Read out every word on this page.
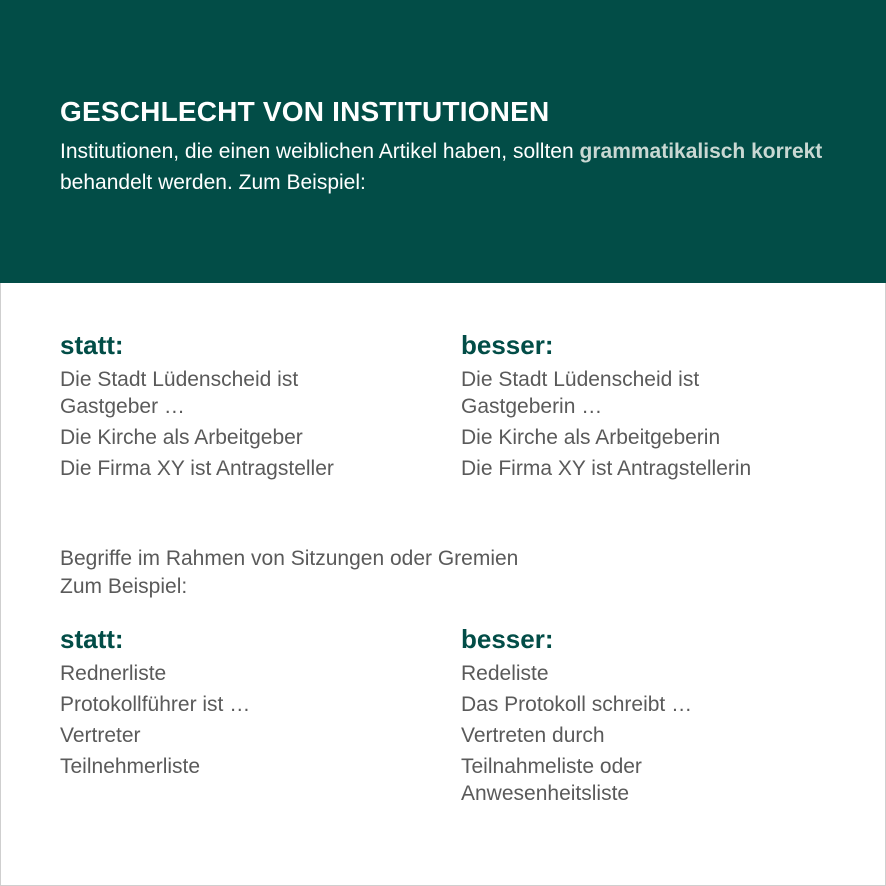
GESCHLECHT VON INSTITUTIONEN
Institutionen, die einen weiblichen Artikel haben, sollten grammatikalisch korrekt behandelt werden. Zum Beispiel:
statt:
Die Stadt Lüdenscheid ist Gastgeber …
Die Kirche als Arbeitgeber
Die Firma XY ist Antragsteller
besser:
Die Stadt Lüdenscheid ist Gastgeberin …
Die Kirche als Arbeitgeberin
Die Firma XY ist Antragstellerin
Begriffe im Rahmen von Sitzungen oder Gremien
Zum Beispiel:
statt:
Rednerliste
Protokollführer ist …
Vertreter
Teilnehmerliste
besser:
Redeliste
Das Protokoll schreibt …
Vertreten durch
Teilnahmeliste oder Anwesenheitsliste
